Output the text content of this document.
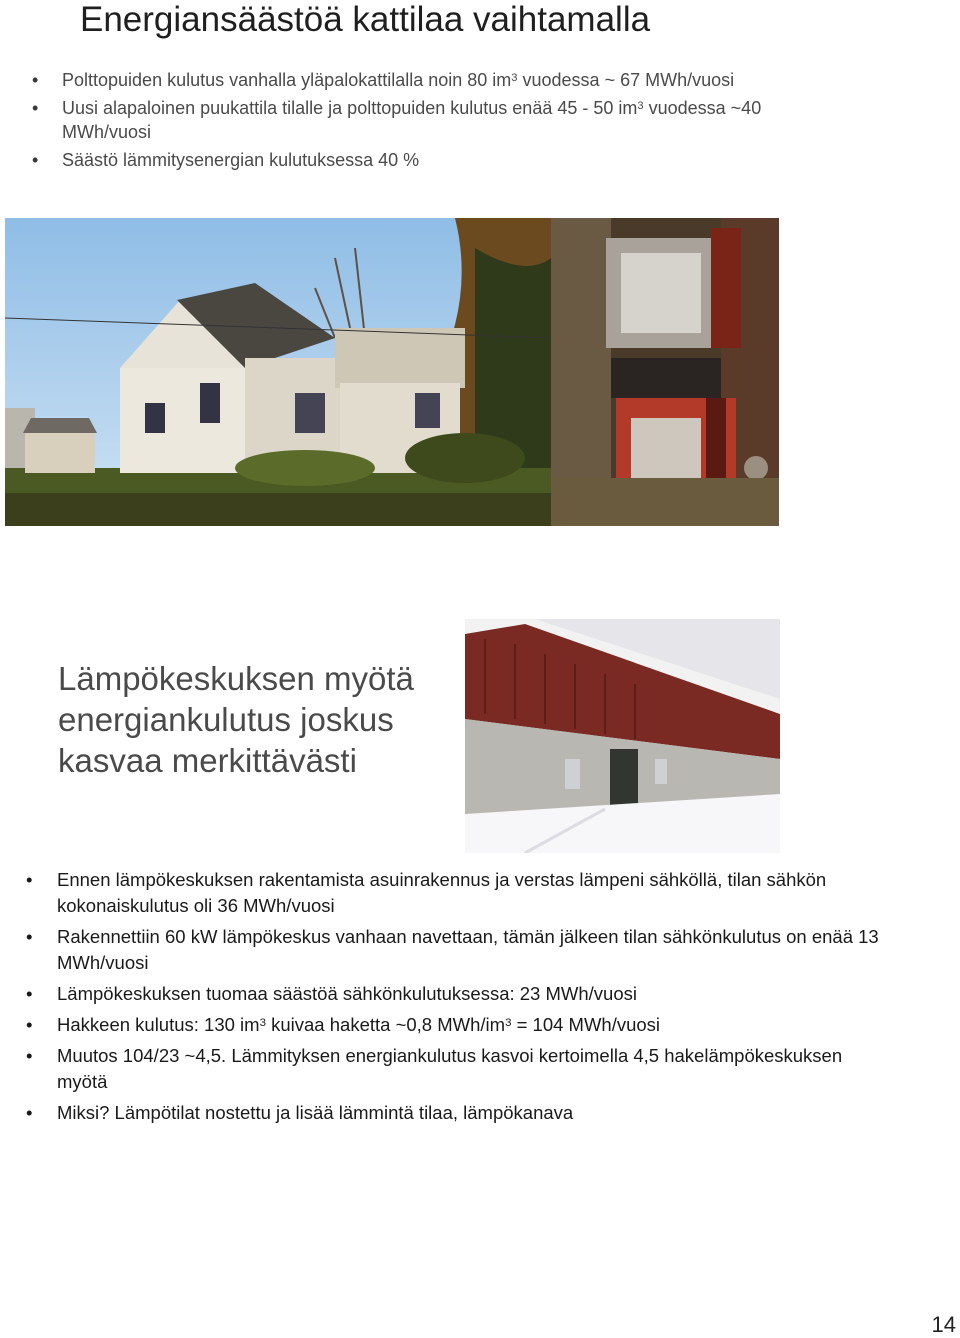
Energiansäästöä kattilaa vaihtamalla
• Polttopuiden kulutus vanhalla yläpalokattilalla noin 80 $im^3$ vuodessa ~ 67 MWh/vuosi
• Uusi alapaloinen puukattila tilalle ja polttopuiden kulutus enää 45 - 50 $im^3$ vuodessa ~40 MWh/vuosi
• Säästö lämmitysenergian kulutuksessa 40 %
Lämpökeskuksen myötä energiankulutus joskus kasvaa merkittävästi
• Ennen lämpökeskuksen rakentamista asuinrakennus ja verstas lämpeni sähköllä, tilan sähkön kokonaiskulutus oli 36 MWh/vuosi
• Rakennettiin 60 kW lämpökeskus vanhaan navettaan, tämän jälkeen tilan sähkönkulutus on enää 13 MWh/vuosi
• Lämpökeskuksen tuomaa säästöä sähkönkulutuksessa: 23 MWh/vuosi
• Hakkeen kulutus: 130 $im^3$ kuivaa haketta ~0,8 MWh/$im^3 = 104$ MWh/vuosi
• Muutos 104/23 ~4,5. Lämmityksen energiankulutus kasvoi kertoimella 4,5 hakelämpökeskuksen myötä
• Miksi? Lämpötilat nostettu ja lisää lämmintä tilaa, lämpökanava
14
